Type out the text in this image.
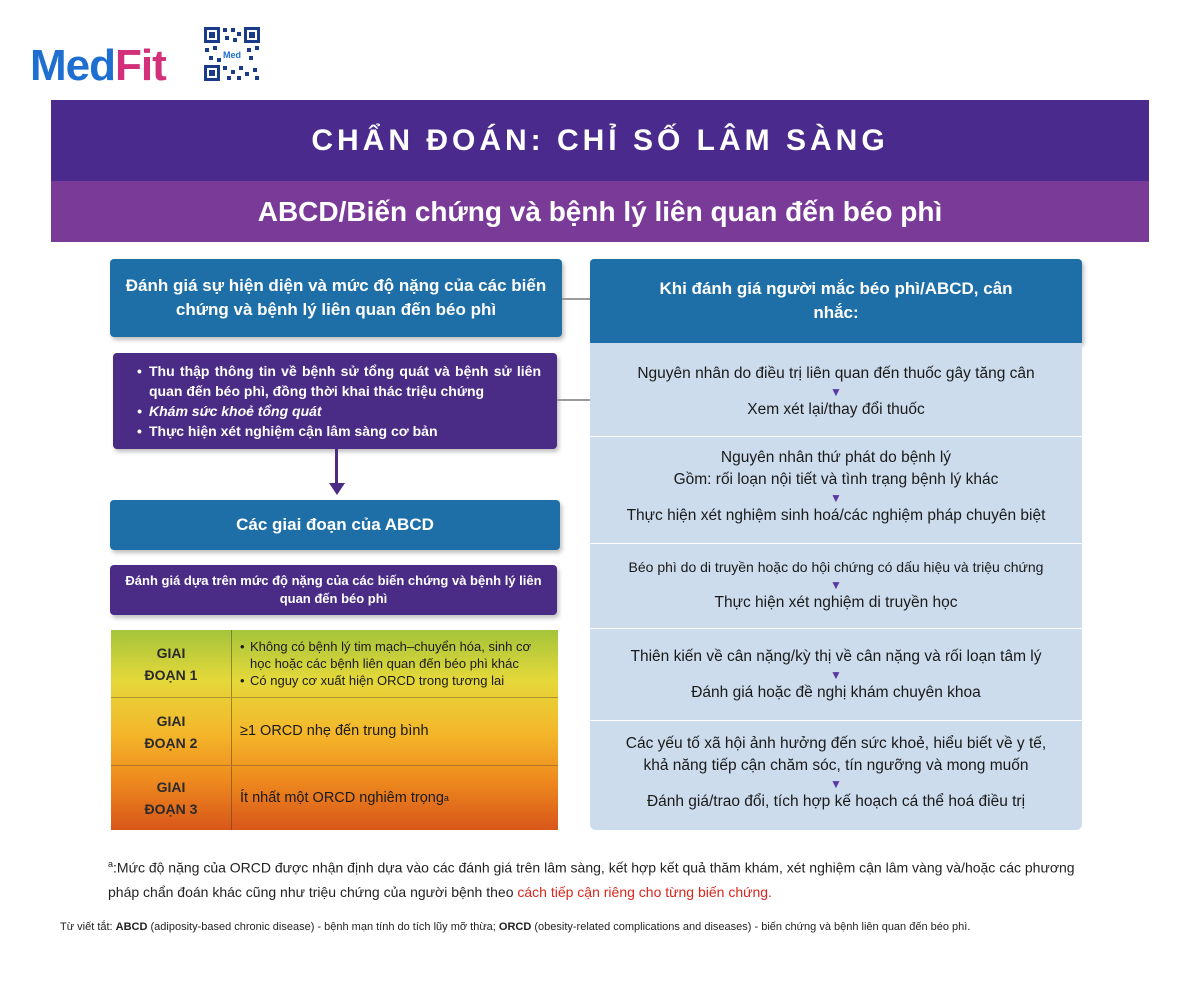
MedFit	Med
CHẨN ĐOÁN: CHỈ SỐ LÂM SÀNG
ABCD/Biến chứng và bệnh lý liên quan đến béo phì
Đánh giá sự hiện diện và mức độ nặng của các biến chứng và bệnh lý liên quan đến béo phì
• Thu thập thông tin về bệnh sử tổng quát và bệnh sử liên quan đến béo phì, đồng thời khai thác triệu chứng
• Khám sức khoẻ tổng quát
• Thực hiện xét nghiệm cận lâm sàng cơ bản
Các giai đoạn của ABCD
Đánh giá dựa trên mức độ nặng của các biến chứng và bệnh lý liên quan đến béo phì
GIAI
ĐOẠN 1
• Không có bệnh lý tim mạch–chuyển hóa, sinh cơ học hoặc các bệnh liên quan đến béo phì khác
• Có nguy cơ xuất hiện ORCD trong tương lai
GIAI
ĐOẠN 2
≥1 ORCD nhẹ đến trung bình
GIAI
ĐOẠN 3
Ít nhất một ORCD nghiêm trọng a
Khi đánh giá người mắc béo phì/ABCD, cân nhắc:
Nguyên nhân do điều trị liên quan đến thuốc gây tăng cân
▼
Xem xét lại/thay đổi thuốc
Nguyên nhân thứ phát do bệnh lý
Gồm: rối loạn nội tiết và tình trạng bệnh lý khác
▼
Thực hiện xét nghiệm sinh hoá/các nghiệm pháp chuyên biệt
Béo phì do di truyền hoặc do hội chứng có dấu hiệu và triệu chứng
▼
Thực hiện xét nghiệm di truyền học
Thiên kiến về cân nặng/kỳ thị về cân nặng và rối loạn tâm lý
▼
Đánh giá hoặc đề nghị khám chuyên khoa
Các yếu tố xã hội ảnh hưởng đến sức khoẻ, hiểu biết về y tế,
khả năng tiếp cận chăm sóc, tín ngưỡng và mong muốn
▼
Đánh giá/trao đổi, tích hợp kế hoạch cá thể hoá điều trị
$^a$:Mức độ nặng của ORCD được nhận định dựa vào các đánh giá trên lâm sàng, kết hợp kết quả thăm khám, xét nghiệm cận lâm vàng và/hoặc các phương pháp chẩn đoán khác cũng như triệu chứng của người bệnh theo cách tiếp cận riêng cho từng biến chứng.
Từ viết tắt: ABCD (adiposity-based chronic disease) - bệnh mạn tính do tích lũy mỡ thừa; ORCD (obesity-related complications and diseases) - biến chứng và bệnh liên quan đến béo phì.
